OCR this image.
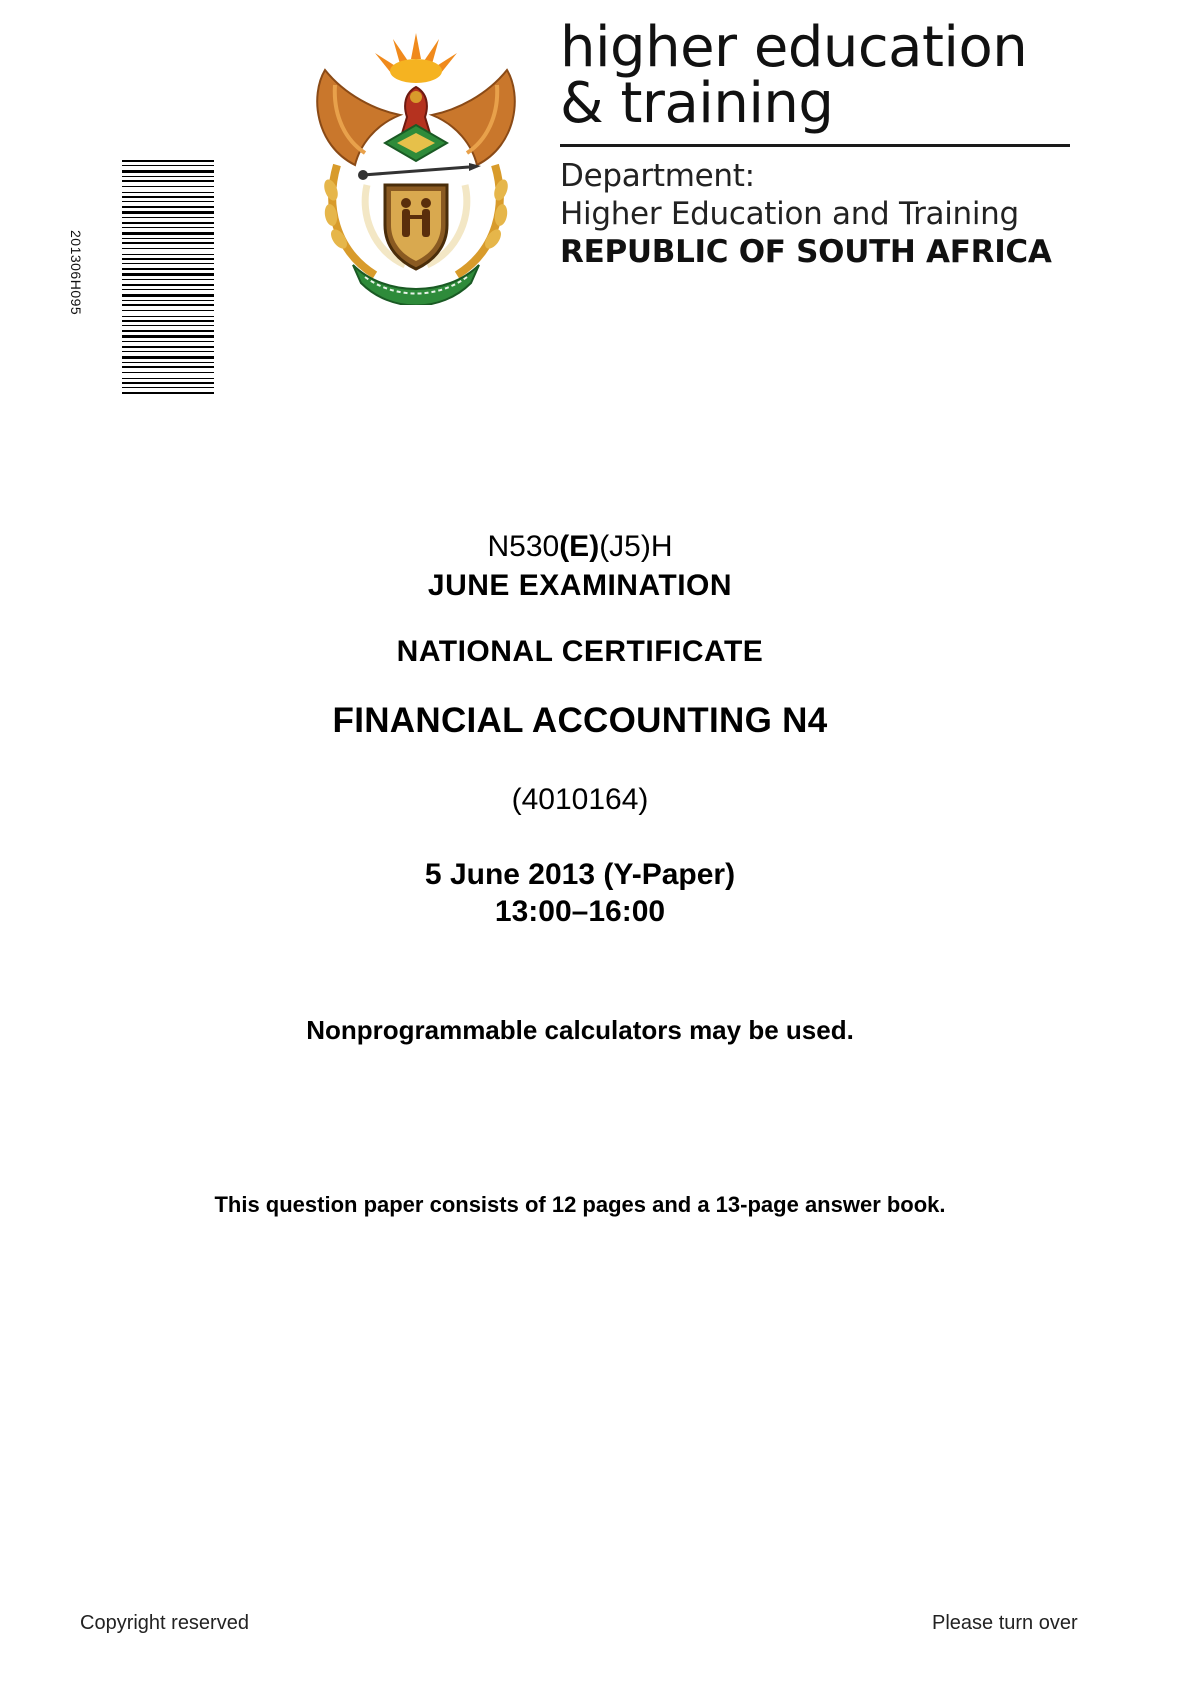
201306H095
higher education
& training
Department:
Higher Education and Training
REPUBLIC OF SOUTH AFRICA
N530(E)(J5)H
JUNE EXAMINATION
NATIONAL CERTIFICATE
FINANCIAL ACCOUNTING N4
(4010164)
5 June 2013 (Y-Paper)
13:00–16:00
Nonprogrammable calculators may be used.
This question paper consists of 12 pages and a 13-page answer book.
Copyright reserved	Please turn over
